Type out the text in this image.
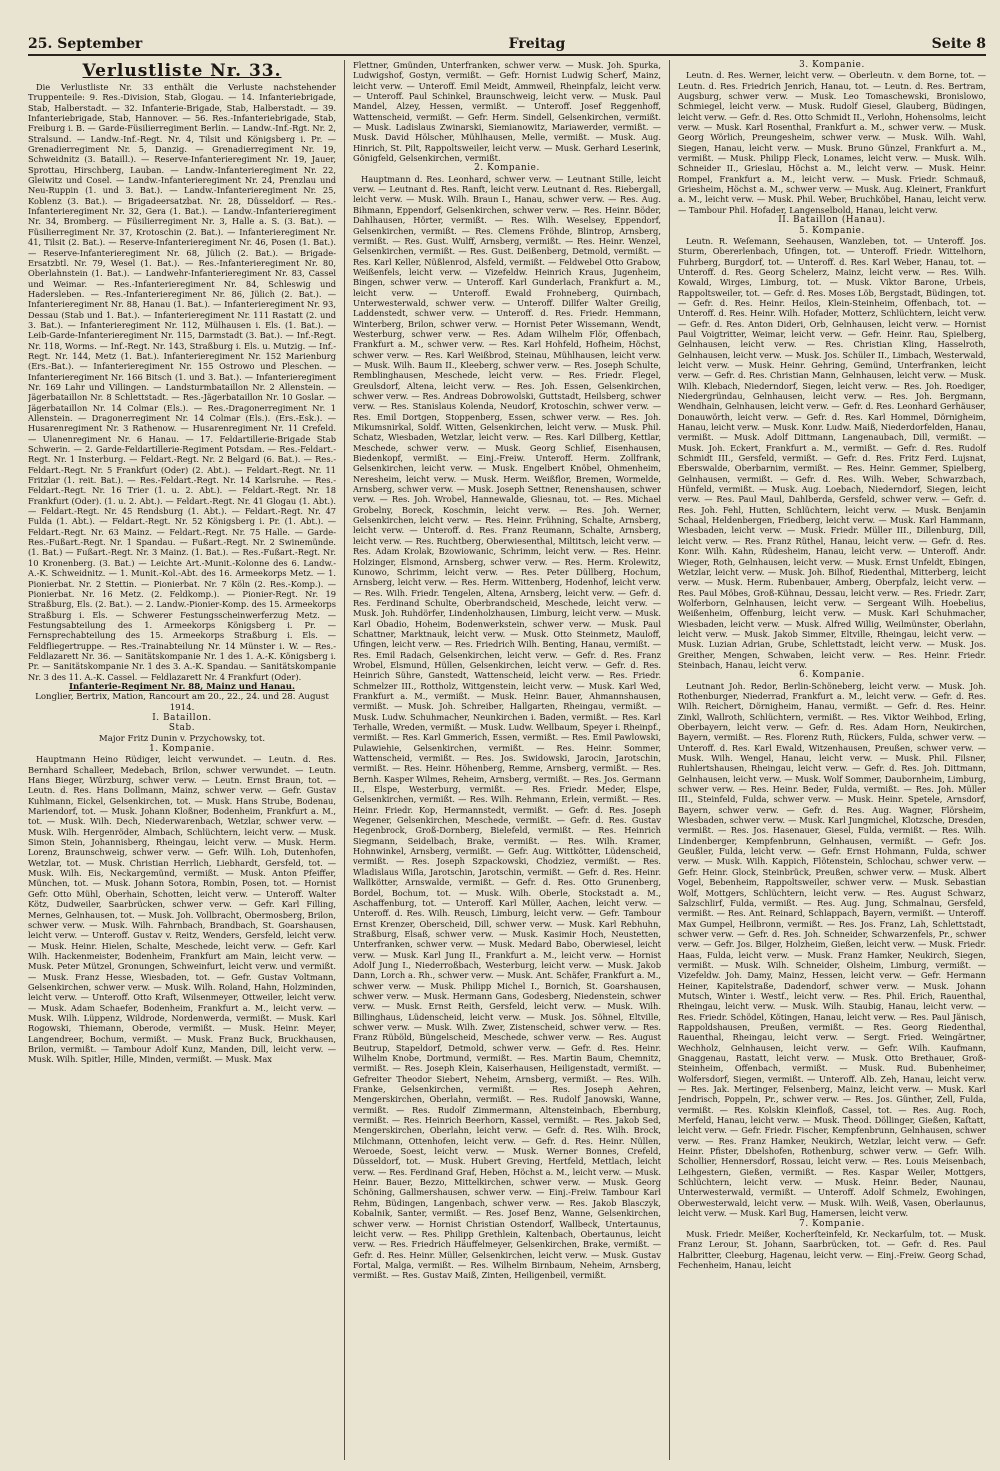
25. September	Freitag	Seite 8

Verlustliste Nr. 33.

Die Verlustliste Nr. 33 enthält die Verluste nachstehender Truppenteile: 9. Res.-Division, Stab, Glogau. — 14. Infanteriebrigade, Stab, Halberstadt. — 32. Infanterie-Brigade, Stab, Halberstadt. — 39. Infanteriebrigade, Stab, Hannover. — 56. Res.-Infanteriebrigade, Stab, Freiburg i. B. — Garde-Füsilierregiment Berlin. — Landw.-Inf.-Rgt. Nr. 2, Stralsund. — Landw.-Inf.-Regt. Nr. 4, Tilsit und Königsberg i. Pr. — Grenadierregiment Nr. 5, Danzig. — Grenadierregiment Nr. 19, Schweidnitz (3. Bataill.). — Reserve-Infanterieregiment Nr. 19, Jauer, Sprottau, Hirschberg, Lauban. — Landw.-Infanterieregiment Nr. 22, Gleiwitz und Cosel. — Landw.-Infanterieregiment Nr. 24, Prenzlau und Neu-Ruppin (1. und 3. Bat.). — Landw.-Infanterieregiment Nr. 25, Koblenz (3. Bat.). — Brigadeersatzbat. Nr. 28, Düsseldorf. — Res.-Infanterieregiment Nr. 32, Gera (1. Bat.). — Landw.-Infanterieregiment Nr. 34, Bromberg. — Füsilierregiment Nr. 3, Halle a. S. (3. Bat.). — Füsilierregiment Nr. 37, Krotoschin (2. Bat.). — Infanterieregiment Nr. 41, Tilsit (2. Bat.). — Reserve-Infanterieregiment Nr. 46, Posen (1. Bat.). — Reserve-Infanterieregiment Nr. 68, Jülich (2. Bat.). — Brigade-Ersatzbtl. Nr. 79, Wesel (1. Bat.). — Res.-Infanterieregiment Nr. 80, Oberlahnstein (1. Bat.). — Landwehr-Infanterieregiment Nr. 83, Cassel und Weimar. — Res.-Infanterieregiment Nr. 84, Schleswig und Hadersleben. — Res.-Infanterieregiment Nr. 86, Jülich (2. Bat.). — Infanterieregiment Nr. 88, Hanau (1. Bat.). — Infanterieregiment Nr. 93, Dessau (Stab und 1. Bat.). — Infanterieregiment Nr. 111 Rastatt (2. und 3. Bat.). — Infanterieregiment Nr. 112, Mülhausen i. Els. (1. Bat.). — Leib-Garde-Infanterieregiment Nr. 115, Darmstadt (3. Bat.). — Inf.-Regt. Nr. 118, Worms. — Inf.-Regt. Nr. 143, Straßburg i. Els. u. Mutzig. — Inf.-Regt. Nr. 144, Metz (1. Bat.). Infanterieregiment Nr. 152 Marienburg (Ers.-Bat.). — Infanterieregiment Nr. 155 Ostrowo und Pleschen. — Infanterieregiment Nr. 166 Bitsch (1. und 3. Bat.). — Infanterieregiment Nr. 169 Lahr und Villingen. — Landsturmbataillon Nr. 2 Allenstein. — Jägerbataillon Nr. 8 Schlettstadt. — Res.-Jägerbataillon Nr. 10 Goslar. — Jägerbataillon Nr. 14 Colmar (Els.). — Res.-Dragonerregiment Nr. 1 Allenstein. — Dragonerregiment Nr. 14 Colmar (Els.). (Ers.-Esk.). — Husarenregiment Nr. 3 Rathenow. — Husarenregiment Nr. 11 Crefeld. — Ulanenregiment Nr. 6 Hanau. — 17. Feldartillerie-Brigade Stab Schwerin. — 2. Garde-Feldartillerie-Regiment Potsdam. — Res.-Feldart.-Regt. Nr. 1 Insterburg. — Feldart.-Regt. Nr. 2 Belgard (6. Bat.). — Res.-Feldart.-Regt. Nr. 5 Frankfurt (Oder) (2. Abt.). — Feldart.-Regt. Nr. 11 Fritzlar (1. reit. Bat.). — Res.-Feldart.-Regt. Nr. 14 Karlsruhe. — Res.-Feldart.-Regt. Nr. 16 Trier (1. u. 2. Abt.). — Feldart.-Regt. Nr. 18 Frankfurt (Oder). (1. u. 2. Abt.). — Feldart.-Regt. Nr. 41 Glogau (1. Abt.). — Feldart.-Regt. Nr. 45 Rendsburg (1. Abt.). — Feldart.-Regt. Nr. 47 Fulda (1. Abt.). — Feldart.-Regt. Nr. 52 Königsberg i. Pr. (1. Abt.). — Feldart.-Regt. Nr. 63 Mainz. — Feldart.-Regt. Nr. 75 Halle. — Garde-Res.-Fußart.-Regt. Nr. 1 Spandau. — Fußart.-Regt. Nr. 2 Swinemünde. (1. Bat.) — Fußart.-Regt. Nr. 3 Mainz. (1. Bat.). — Res.-Fußart.-Regt. Nr. 10 Kronenberg. (3. Bat.) — Leichte Art.-Munit.-Kolonne des 6. Landw.-A.-K. Schweidnitz. — 1. Munit.-Kol.-Abt. des 16. Armeekorps Metz. — 1. Pionierbat. Nr. 2 Stettin. — Pionierbat. Nr. 7 Köln (2. Res.-Komp.). — Pionierbat. Nr. 16 Metz. (2. Feldkomp.). — Pionier-Regt. Nr. 19 Straßburg, Els. (2. Bat.). — 2. Landw.-Pionier-Komp. des 15. Armeekorps Straßburg i. Els. — Schwerer Festungsscheinwerferzug Metz. — Festungsabteilung des 1. Armeekorps Königsberg i. Pr. — Fernsprechabteilung des 15. Armeekorps Straßburg i. Els. — Feldfliegertruppe. — Res.-Trainabteilung Nr. 14 Münster i. W. — Res.-Feldlazarett Nr. 36. — Sanitätskompanie Nr. 1 des 1. A.-K. Königsberg i. Pr. — Sanitätskompanie Nr. 1 des 3. A.-K. Spandau. — Sanitätskompanie Nr. 3 des 11. A.-K. Cassel. — Feldlazarett Nr. 4 Frankfurt (Oder).

Infanterie-Regiment Nr. 88, Mainz und Hanau.

Longlier, Bertrix, Mation, Rancourt am 20., 22., 24. und 28. August 1914.

I. Bataillon.

Stab.

Major Fritz Dunin v. Przychowsky, tot.

1. Kompanie.

Hauptmann Heino Rüdiger, leicht verwundet. — Leutn. d. Res. Bernhard Schalleer, Medebach, Brilon, schwer verwundet. — Leutn. Hans Bieger, Würzburg, schwer verw. — Leutn. Ernst Braun, tot. — Leutn. d. Res. Hans Dollmann, Mainz, schwer verw. — Gefr. Gustav Kuhlmann, Eickel, Gelsenkirchen, tot. — Musk. Hans Strube, Bodenau, Mariendorf, tot. — Musk. Johann Kloßner, Bodenheim, Frankfurt a. M., tot. — Musk. Wilh. Dech, Niederwarenbach, Wetzlar, schwer verw. — Musk. Wilh. Hergenröder, Almbach, Schlüchtern, leicht verw. — Musk. Simon Stein, Johannisberg, Rheingau, leicht verw. — Musk. Herm. Lorenz, Braunschweig, schwer verw. — Gefr. Wilh. Loh, Dutenhofen, Wetzlar, tot. — Musk. Christian Herrlich, Liebhardt, Gersfeld, tot. — Musk. Wilh. Eis, Neckargemünd, vermißt. — Musk. Anton Pfeiffer, München, tot. — Musk. Johann Sotora, Rombin, Posen, tot. — Hornist Gefr. Otto Mühl, Oberhain, Schotten, leicht verw. — Unteroff. Walter Kötz, Dudweiler, Saarbrücken, schwer verw. — Gefr. Karl Filling, Mernes, Gelnhausen, tot. — Musk. Joh. Vollbracht, Obermosberg, Brilon, schwer verw. — Musk. Wilh. Fahrnbach, Brandbach, St. Goarshausen, leicht verw. — Unteroff. Gustav v. Reitz, Wenders, Gersfeld, leicht verw. — Musk. Heinr. Hielen, Schalte, Meschede, leicht verw. — Gefr. Karl Wilh. Hackenmeister, Bodenheim, Frankfurt am Main, leicht verw. — Musk. Peter Mützel, Gronungen, Schweinfurt, leicht verw. und vermißt. — Musk. Franz Hesse, Wiesbaden, tot. — Gefr. Gustav Voltmann, Gelsenkirchen, schwer verw. — Musk. Wilh. Roland, Hahn, Holzminden, leicht verw. — Unteroff. Otto Kraft, Wilsenmeyer, Ottweiler, leicht verw. — Musk. Adam Schaefer, Bodenheim, Frankfurt a. M., leicht verw. — Musk. Wilh. Lüppenz, Wildrode, Nordenwerda, vermißt. — Musk. Karl Rogowski, Thiemann, Oberode, vermißt. — Musk. Heinr. Meyer, Langendreer, Bochum, vermißt. — Musk. Franz Buck, Bruckhausen, Brilon, vermißt. — Tambour Adolf Kunz, Manden, Dill, leicht verw. — Musk. Wilh. Spitler, Hille, Minden, vermißt. — Musk. Max

Flettner, Gmünden, Unterfranken, schwer verw. — Musk. Joh. Spurka, Ludwigshof, Gostyn, vermißt. — Gefr. Hornist Ludwig Scherf, Mainz, leicht verw. — Unteroff. Emil Meidt, Ammweil, Rheinpfalz, leicht verw. — Unteroff. Paul Schinkel, Braunschweig, leicht verw. — Musk. Paul Mandel, Alzey, Hessen, vermißt. — Unteroff. Josef Reggenhoff, Wattenscheid, vermißt. — Gefr. Herm. Sindell, Gelsenkirchen, vermißt. — Musk. Ladislaus Zwinarski, Siemianowitz, Mariawerder, vermißt. — Musk. David Hölscher, Mühlhausen, Melle, vermißt. — Musk. Aug. Hinrich, St. Pilt, Rappoltsweiler, leicht verw. — Musk. Gerhard Leserink, Gönigfeld, Gelsenkirchen, vermißt.

2. Kompanie.

Hauptmann d. Res. Leonhard, schwer verw. — Leutnant Stille, leicht verw. — Leutnant d. Res. Ranft, leicht verw. Leutnant d. Res. Riebergall, leicht verw. — Musk. Wilh. Braun I., Hanau, schwer verw. — Res. Aug. Bihmann, Eppendorf, Gelsenkirchen, schwer verw. — Res. Heinr. Böder, Dahlhausen, Hörter, vermißt. — Res. Wilh. Weselsey, Eppendorf, Gelsenkirchen, vermißt. — Res. Clemens Fröhde, Blintrop, Arnsberg, vermißt. — Res. Gust. Wulff, Arnsberg, vermißt. — Res. Heinr. Wenzel, Gelsenkirchen, vermißt. — Res. Gust. Deißenberg, Detmold, vermißt. — Res. Karl Keller, Nüßlenrod, Alsfeld, vermißt. — Feldwebel Otto Grabow, Weißenfels, leicht verw. — Vizefeldw. Heinrich Kraus, Jugenheim, Bingen, schwer verw. — Unteroff. Karl Gunderlach, Frankfurt a. M., leicht verw. — Unteroff. Ewald Frohneberg, Quirnbach, Unterwesterwald, schwer verw. — Unteroff. Dillfer Walter Greilig, Laddenstedt, schwer verw. — Unteroff. d. Res. Friedr. Hemmann, Winterberg, Brilon, schwer verw. — Hornist Peter Wissemann, Wendt, Westerburg, schwer verw. — Res. Adam Wilhelm Flör, Offenbach, Frankfurt a. M., schwer verw. — Res. Karl Hohfeld, Hofheim, Höchst, schwer verw. — Res. Karl Weißbrod, Steinau, Mühlhausen, leicht verw. — Musk. Wilh. Baum II., Kleeberg, schwer verw. — Res. Joseph Schulte, Remblinghausen, Meschede, leicht verw. — Res. Friedr. Flegel, Greulsdorf, Altena, leicht verw. — Res. Joh. Essen, Gelsenkirchen, schwer verw. — Res. Andreas Dobrowolski, Guttstadt, Heilsberg, schwer verw. — Res. Stanislaus Kolenda, Neudorf, Krotoschin, schwer verw. — Res. Emil Dortgen, Stoppenberg, Essen, schwer verw. — Res. Joh. Mikumsnirkal, Soldf. Witten, Gelsenkirchen, leicht verw. — Musk. Phil. Schatz, Wiesbaden, Wetzlar, leicht verw. — Res. Karl Dillberg, Kettlar, Meschede, schwer verw. — Musk. Georg Schlief, Eisenhausen, Biedenkopf, vermißt. — Einj.-Freiw. Unteroff. Herm. Zollfrank, Gelsenkirchen, leicht verw. — Musk. Engelbert Knöbel, Ohmenheim, Neresheim, leicht verw. — Musk. Herm. Weißflor, Bremen, Wormelde, Arnsberg, schwer verw. — Musk. Joseph Settner, Renenshausen, schwer verw. — Res. Joh. Wrobel, Hannewalde, Gliesnau, tot. — Res. Michael Grobelny, Boreck, Koschmin, leicht verw. — Res. Joh. Werner, Gelsenkirchen, leicht verw. — Res. Heinr. Frühning, Schalte, Arnsberg, leicht verw. — Unteroff. d. Res. Franz Reumann, Schalte, Arnsberg, leicht verw. — Res. Ruchtberg, Oberwiesenthal, Miltitsch, leicht verw. — Res. Adam Krolak, Bzowiowanic, Schrimm, leicht verw. — Res. Heinr. Holzinger, Elsmond, Arnsberg, schwer verw. — Res. Herm. Krolewitz, Kunowo, Schrimm, leicht verw. — Res. Peter Düllberg, Hochum, Arnsberg, leicht verw. — Res. Herm. Wittenberg, Hodenhof, leicht verw. — Res. Wilh. Friedr. Tengelen, Altena, Arnsberg, leicht verw. — Gefr. d. Res. Ferdinand Schulte, Oberbrandscheid, Meschede, leicht verw. — Musk. Joh. Ruhdörfer, Lindenholzhausen, Limburg, leicht verw. — Musk. Karl Obadio, Hoheim, Bodenwerkstein, schwer verw. — Musk. Paul Schattner, Marktnauk, leicht verw. — Musk. Otto Steinmetz, Mauloff, Ufingen, leicht verw. — Res. Friedrich Wilh. Benting, Hanau, vermißt. — Res. Emil Radach, Gelsenkirchen, leicht verw. — Gefr. d. Res. Franz Wrobel, Elsmund, Hüllen, Gelsenkirchen, leicht verw. — Gefr. d. Res. Heinrich Sühre, Ganstedt, Wattenscheid, leicht verw. — Res. Friedr. Schmelzer III., Rottholz, Wittgenstein, leicht verw. — Musk. Karl Wed, Frankfurt a. M., vermißt. — Musk. Heinr. Bauer, Ahmannshausen, vermißt. — Musk. Joh. Schreiber, Hallgarten, Rheingau, vermißt. — Musk. Ludw. Schuhmacher, Neunkirchen i. Baden, vermißt. — Res. Karl Terhalle, Wreden, vermißt. — Musk. Ludw. Wellbaum, Speyer i. Rheinpf., vermißt. — Res. Karl Gmmerich, Essen, vermißt. — Res. Emil Pawlowski, Pulawiehie, Gelsenkirchen, vermißt. — Res. Heinr. Sommer, Wattenscheid, vermißt. — Res. Jos. Swidowski, Jarocin, Jarotschin, vermißt. — Res. Heinr. Höhenberg, Remme, Arnsberg, vermißt. — Res. Bernh. Kasper Wilmes, Reheim, Arnsberg, vermißt. — Res. Jos. Germann II., Elspe, Westerburg, vermißt. — Res. Friedr. Meder, Elspe, Gelsenkirchen, vermißt. — Res. Wilh. Rehmann, Erlein, vermißt. — Res. Heinr. Friedr. Kop, Hermannstedt, vermißt. — Gefr. d. Res. Joseph Wegener, Gelsenkirchen, Meschede, vermißt. — Gefr. d. Res. Gustav Hegenbrock, Groß-Dornberg, Bielefeld, vermißt. — Res. Heinrich Siegmann, Seidelbach, Brake, vermißt. — Res. Wilh. Kramer, Hohnwinkel, Arnsberg, vermißt. — Gefr. Aug. Wittkötter, Lüdenscheid, vermißt. — Res. Joseph Szpackowski, Chodziez, vermißt. — Res. Wladislaus Wiſla, Jarotschin, Jarotschin, vermißt. — Gefr. d. Res. Heinr. Wallkötter, Arnswalde, vermißt. — Gefr. d. Res. Otto Grunenberg, Bordel, Bochum, tot. — Musk. Wilh. Oberle, Stockstadt a. M., Aschaffenburg, tot. — Unteroff. Karl Müller, Aachen, leicht verw. — Unteroff. d. Res. Wilh. Reusch, Limburg, leicht verw. — Gefr. Tambour Ernst Krenzer, Oberscheid, Dill, schwer verw. — Musk. Karl Rebhuhn, Straßburg, Elsaß, schwer verw. — Musk. Kasimir Hoch, Neustetten, Unterfranken, schwer verw. — Musk. Medard Babo, Oberwiesel, leicht verw. — Musk. Karl Jung II., Frankfurt a. M., leicht verw. — Hornist Adolf Jung I., Niederroßbach, Westerburg, leicht verw. — Musk. Jakob Dann, Lorch a. Rh., schwer verw. — Musk. Ant. Schäfer, Frankfurt a. M., schwer verw. — Musk. Philipp Michel I., Bornich, St. Goarshausen, schwer verw. — Musk. Hermann Gans, Godesberg, Niedenstein, schwer verw. — Musk. Ernst Reith, Gersfeld, leicht verw. — Musk. Wilh. Billinghaus, Lüdenscheid, leicht verw. — Musk. Jos. Söhnel, Eltville, schwer verw. — Musk. Wilh. Zwer, Zistenscheid, schwer verw. — Res. Franz Rüböld, Büngelscheid, Meschede, schwer verw. — Res. August Beutrup, Stapeldorf, Detmold, schwer verw. — Gefr. d. Res. Heinr. Wilhelm Knobe, Dortmund, vermißt. — Res. Martin Baum, Chemnitz, vermißt. — Res. Joseph Klein, Kaiserhausen, Heiligenstadt, vermißt. — Gefreiter Theodor Siebert, Neheim, Arnsberg, vermißt. — Res. Wilh. Franke, Gelsenkirchen, vermißt. — Res. Joseph Aehren, Mengerskirchen, Oberlahn, vermißt. — Res. Rudolf Janowski, Wanne, vermißt. — Res. Rudolf Zimmermann, Altensteinbach, Ebernburg, vermißt. — Res. Heinrich Beerhorn, Kassel, vermißt. — Res. Jakob Sed, Mengerskirchen, Oberlahn, leicht verw. — Gefr. d. Res. Wilh. Brock, Milchmann, Ottenhofen, leicht verw. — Gefr. d. Res. Heinr. Nüllen, Weroede, Soest, leicht verw. — Musk. Werner Bonnes, Crefeld, Düsseldorf, tot. — Musk. Hubert Greving, Hertfeld, Mettlach, leicht verw. — Res. Ferdinand Graf, Heben, Höchst a. M., leicht verw. — Musk. Heinr. Bauer, Bezzo, Mittelkirchen, schwer verw. — Musk. Georg Schöning, Gallmershausen, schwer verw. — Einj.-Freiw. Tambour Karl Rehm, Büdingen, Langenbach, schwer verw. — Res. Jakob Blasczyk, Kobalnik, Santer, vermißt. — Res. Josef Benz, Wanne, Gelsenkirchen, schwer verw. — Hornist Christian Ostendorf, Wallbeck, Untertaunus, leicht verw. — Res. Philipp Grethlein, Kaltenbach, Obertaunus, leicht verw. — Res. Friedrich Häuffelmeyer, Gelsenkirchen, Brake, vermißt. — Gefr. d. Res. Heinr. Müller, Gelsenkirchen, leicht verw. — Musk. Gustav Fortal, Malga, vermißt. — Res. Wilhelm Birnbaum, Neheim, Arnsberg, vermißt. — Res. Gustav Maiß, Zinten, Heiligenbeil, vermißt.

3. Kompanie.

Leutn. d. Res. Werner, leicht verw. — Oberleutn. v. dem Borne, tot. — Leutn. d. Res. Friedrich Jenrich, Hanau, tot. — Leutn. d. Res. Bertram, Augsburg, schwer verw. — Musk. Leo Tomaschewski, Bronislowo, Schmiegel, leicht verw. — Musk. Rudolf Giesel, Glauberg, Büdingen, leicht verw. — Gefr. d. Res. Otto Schmidt II., Verlohn, Hohensolms, leicht verw. — Musk. Karl Rosenthal, Frankfurt a. M., schwer verw. — Musk. Georg Wörlich, Preungesheim, schwer verw. — Musk. Wilh. Wahl, Siegen, Hanau, leicht verw. — Musk. Bruno Günzel, Frankfurt a. M., vermißt. — Musk. Philipp Fleck, Lonames, leicht verw. — Musk. Wilh. Schneider II., Grieslau, Höchst a. M., leicht verw. — Musk. Heinr. Rompel, Frankfurt a. M., leicht verw. — Musk. Friedr. Schmauß, Griesheim, Höchst a. M., schwer verw. — Musk. Aug. Kleinert, Frankfurt a. M., leicht verw. — Musk. Phil. Weber, Bruchköbel, Hanau, leicht verw. — Tambour Phil. Hofader, Langenselbold, Hanau, leicht verw.

II. Bataillon (Hanau).

5. Kompanie.

Leutn. R. Weſemann, Seehausen, Wanzleben, tot. — Unteroff. Jos. Sturm, Obererlenbach, Ufingen, tot. — Unteroff. Friedr. Wittelhorn, Fuhrberg, Burgdorf, tot. — Unteroff. d. Res. Karl Weber, Hanau, tot. — Unteroff. d. Res. Georg Schelerz, Mainz, leicht verw. — Res. Wilh. Kowald, Wirges, Limburg, tot. — Musk. Viktor Barone, Urbeis, Rappoltsweiler, tot. — Gefr. d. Res. Moses Löb, Bergstadt, Büdingen, tot. — Gefr. d. Res. Heinr. Heilos, Klein-Steinheim, Offenbach, tot. — Unteroff. d. Res. Heinr. Wilh. Hofader, Motterz, Schlüchtern, leicht verw. — Gefr. d. Res. Anton Dideri, Orb, Gelnhausen, leicht verw. — Hornist Paul Voigtritter, Weimar, leicht verw. — Gefr. Heinr. Rau, Spielberg, Gelnhausen, leicht verw. — Res. Christian Kling, Hasselroth, Gelnhausen, leicht verw. — Musk. Jos. Schüler II., Limbach, Westerwald, leicht verw. — Musk. Heinr. Gehring, Gemünd, Unterfranken, leicht verw. — Gefr. d. Res. Christian Mann, Gelnhausen, leicht verw. — Musk. Wilh. Klebach, Niederndorf, Siegen, leicht verw. — Res. Joh. Roediger, Niedergründau, Gelnhausen, leicht verw. — Res. Joh. Bergmann, Wendhain, Gelnhausen, leicht verw. — Gefr. d. Res. Leonhard Gerhäuser, Donauwörth, leicht verw. — Gefr. d. Res. Karl Hommel, Dörnigheim, Hanau, leicht verw. — Musk. Konr. Ludw. Maiß, Niederdorfelden, Hanau, vermißt. — Musk. Adolf Dittmann, Langenaubach, Dill, vermißt. — Musk. Joh. Eckert, Frankfurt a. M., vermißt. — Gefr. d. Res. Rudolf Schmidt III., Gersfeld, vermißt. — Gefr. d. Res. Fritz Ferd. Lujsnat, Eberswalde, Oberbarnim, vermißt. — Res. Heinr. Gemmer, Spielberg, Gelnhausen, vermißt. — Gefr. d. Res. Wilh. Weber, Schwarzbach, Hünfeld, vermißt. — Musk. Aug. Loebach, Niederndorf, Siegen, leicht verw. — Res. Paul Maul, Dahlberda, Gersfeld, schwer verw. — Gefr. d. Res. Joh. Fehl, Hutten, Schlüchtern, leicht verw. — Musk. Benjamin Schaal, Heldenbergen, Friedberg, leicht verw. — Musk. Karl Hammann, Wiesbaden, leicht verw. — Musk. Friedr. Müller III., Dillenburg, Dill, leicht verw. — Res. Franz Rüthel, Hanau, leicht verw. — Gefr. d. Res. Konr. Wilh. Kahn, Rüdesheim, Hanau, leicht verw. — Unteroff. Andr. Wieger, Roth, Gelnhausen, leicht verw. — Musk. Ernst Unfeldt, Ebingen, Wetzlar, leicht verw. — Musk. Joh. Bilhof, Riedenthal, Mitterberg, leicht verw. — Musk. Herm. Rubenbauer, Amberg, Oberpfalz, leicht verw. — Res. Paul Möbes, Groß-Kühnau, Dessau, leicht verw. — Res. Friedr. Zarr, Wolferborn, Gelnhausen, leicht verw. — Sergeant Wilh. Hoebelius, Weißenheim, Offenburg, leicht verw. — Musk. Karl Schuhmacher, Wiesbaden, leicht verw. — Musk. Alfred Willig, Weilmünster, Oberlahn, leicht verw. — Musk. Jakob Simmer, Eltville, Rheingau, leicht verw. — Musk. Luzian Adrian, Grube, Schlettstadt, leicht verw. — Musk. Jos. Greither, Mengen, Schwaben, leicht verw. — Res. Heinr. Friedr. Steinbach, Hanau, leicht verw.

6. Kompanie.

Leutnant Joh. Redor, Berlin-Schöneberg, leicht verw. — Musk. Joh. Rothenburger, Niederrad, Frankfurt a. M., leicht verw. — Gefr. d. Res. Wilh. Reichert, Dörnigheim, Hanau, vermißt. — Gefr. d. Res. Heinr. Zinkl, Wallroth, Schlüchtern, vermißt. — Res. Viktor Weihbod, Erling, Oberbayern, leicht verw. — Gefr. d. Res. Adam Horn, Neukirchen, Bayern, vermißt. — Res. Florenz Ruth, Rückers, Fulda, schwer verw. — Unteroff. d. Res. Karl Ewald, Witzenhausen, Preußen, schwer verw. — Musk. Wilh. Wengel, Hanau, leicht verw. — Musk. Phil. Filsner, Ruhlertshausen, Rheingau, leicht verw. — Gefr. d. Res. Joh. Dittmann, Gelnhausen, leicht verw. — Musk. Wolf Sommer, Daubornheim, Limburg, schwer verw. — Res. Heinr. Beder, Fulda, vermißt. — Res. Joh. Müller III., Steinfeld, Fulda, schwer verw. — Musk. Heinr. Spetele, Arnsdorf, Bayern, schwer verw. — Gefr. d. Res. Aug. Wagner, Flörsheim, Wiesbaden, schwer verw. — Musk. Karl Jungmichel, Klotzsche, Dresden, vermißt. — Res. Jos. Hasenauer, Giesel, Fulda, vermißt. — Res. Wilh. Lindenberger, Kempfenbrunn, Gelnhausen, vermißt. — Gefr. Jos. Geußler, Fulda, leicht verw. — Gefr. Ernst Hohmann, Fulda, schwer verw. — Musk. Wilh. Kappich, Flötenstein, Schlochau, schwer verw. — Gefr. Heinr. Glock, Steinbrück, Preußen, schwer verw. — Musk. Albert Vogel, Bebenheim, Rappoltsweiler, schwer verw. — Musk. Sebastian Wolf, Mottgers, Schlüchtern, leicht verw. — Res. August Schwarz, Salzschlirf, Fulda, vermißt. — Res. Aug. Jung, Schmalnau, Gersfeld, vermißt. — Res. Ant. Reinard, Schlappach, Bayern, vermißt. — Unteroff. Max Gumpel, Heilbronn, vermißt. — Res. Jos. Franz, Lah, Schlettstadt, schwer verw. — Gefr. d. Res. Joh. Schneider, Schwarzenfels, Pr., schwer verw. — Gefr. Jos. Bilger, Holzheim, Gießen, leicht verw. — Musk. Friedr. Haas, Fulda, leicht verw. — Musk. Franz Hamker, Neukirch, Siegen, vermißt. — Musk. Wilh. Schneider, Olsheim, Limburg, vermißt. — Vizefeldw. Joh. Damy, Mainz, Hessen, leicht verw. — Gefr. Hermann Heiner, Kapitelstraße, Dadendorf, schwer verw. — Musk. Johann Mutsch, Winter i. Westf., leicht verw. — Res. Phil. Erich, Rauenthal, Rheingau, leicht verw. — Musk. Wilh. Staubig, Hanau, leicht verw. — Res. Friedr. Schödel, Kötingen, Hanau, leicht verw. — Res. Paul Jänisch, Rappoldshausen, Preußen, vermißt. — Res. Georg Riedenthal, Rauenthal, Rheingau, leicht verw. — Sergt. Fried. Weingärtner, Wechholz, Gelnhausen, leicht verw. — Gefr. Wilh. Kaufmann, Gnaggenau, Rastatt, leicht verw. — Musk. Otto Brethauer, Groß-Steinheim, Offenbach, vermißt. — Musk. Rud. Bubenheimer, Wolfersdorf, Siegen, vermißt. — Unteroff. Alb. Zeh, Hanau, leicht verw. — Res. Jak. Mertinger, Felsenberg, Mainz, leicht verw. — Musk. Karl Jendrisch, Poppeln, Pr., schwer verw. — Res. Jos. Günther, Zell, Fulda, vermißt. — Res. Kolskin Kleinfloß, Cassel, tot. — Res. Aug. Roch, Merfeld, Hanau, leicht verw. — Musk. Theod. Döllinger, Gießen, Kaſtatt, leicht verw. — Gefr. Friedr. Fischer, Kempfenbrunn, Gelnhausen, schwer verw. — Res. Franz Hamker, Neukirch, Wetzlar, leicht verw. — Gefr. Heinr. Pfister, Dbelshofen, Rothenburg, schwer verw. — Gefr. Wilh. Schollier, Hennersdorf, Rossau, leicht verw. — Res. Louis Meisenbach, Leihgestern, Gießen, vermißt. — Res. Kaspar Weiler, Mottgers, Schlüchtern, leicht verw. — Musk. Heinr. Beder, Naunau, Unterwesterwald, vermißt. — Unteroff. Adolf Schmelz, Ewohingen, Oberwesterwald, leicht verw. — Musk. Wilh. Weiß, Vasen, Oberlaunus, leicht verw. — Musk. Karl Bug, Hamersen, leicht verw.

7. Kompanie.

Musk. Friedr. Meißer, Kocherſteinfeld, Kr. Neckarſulm, tot. — Musk. Franz Lerour, St. Johann, Saarbrücken, tot. — Gefr. d. Res. Paul Halbritter, Cleeburg, Hagenau, leicht verw. — Einj.-Freiw. Georg Schad, Fechenheim, Hanau, leicht
